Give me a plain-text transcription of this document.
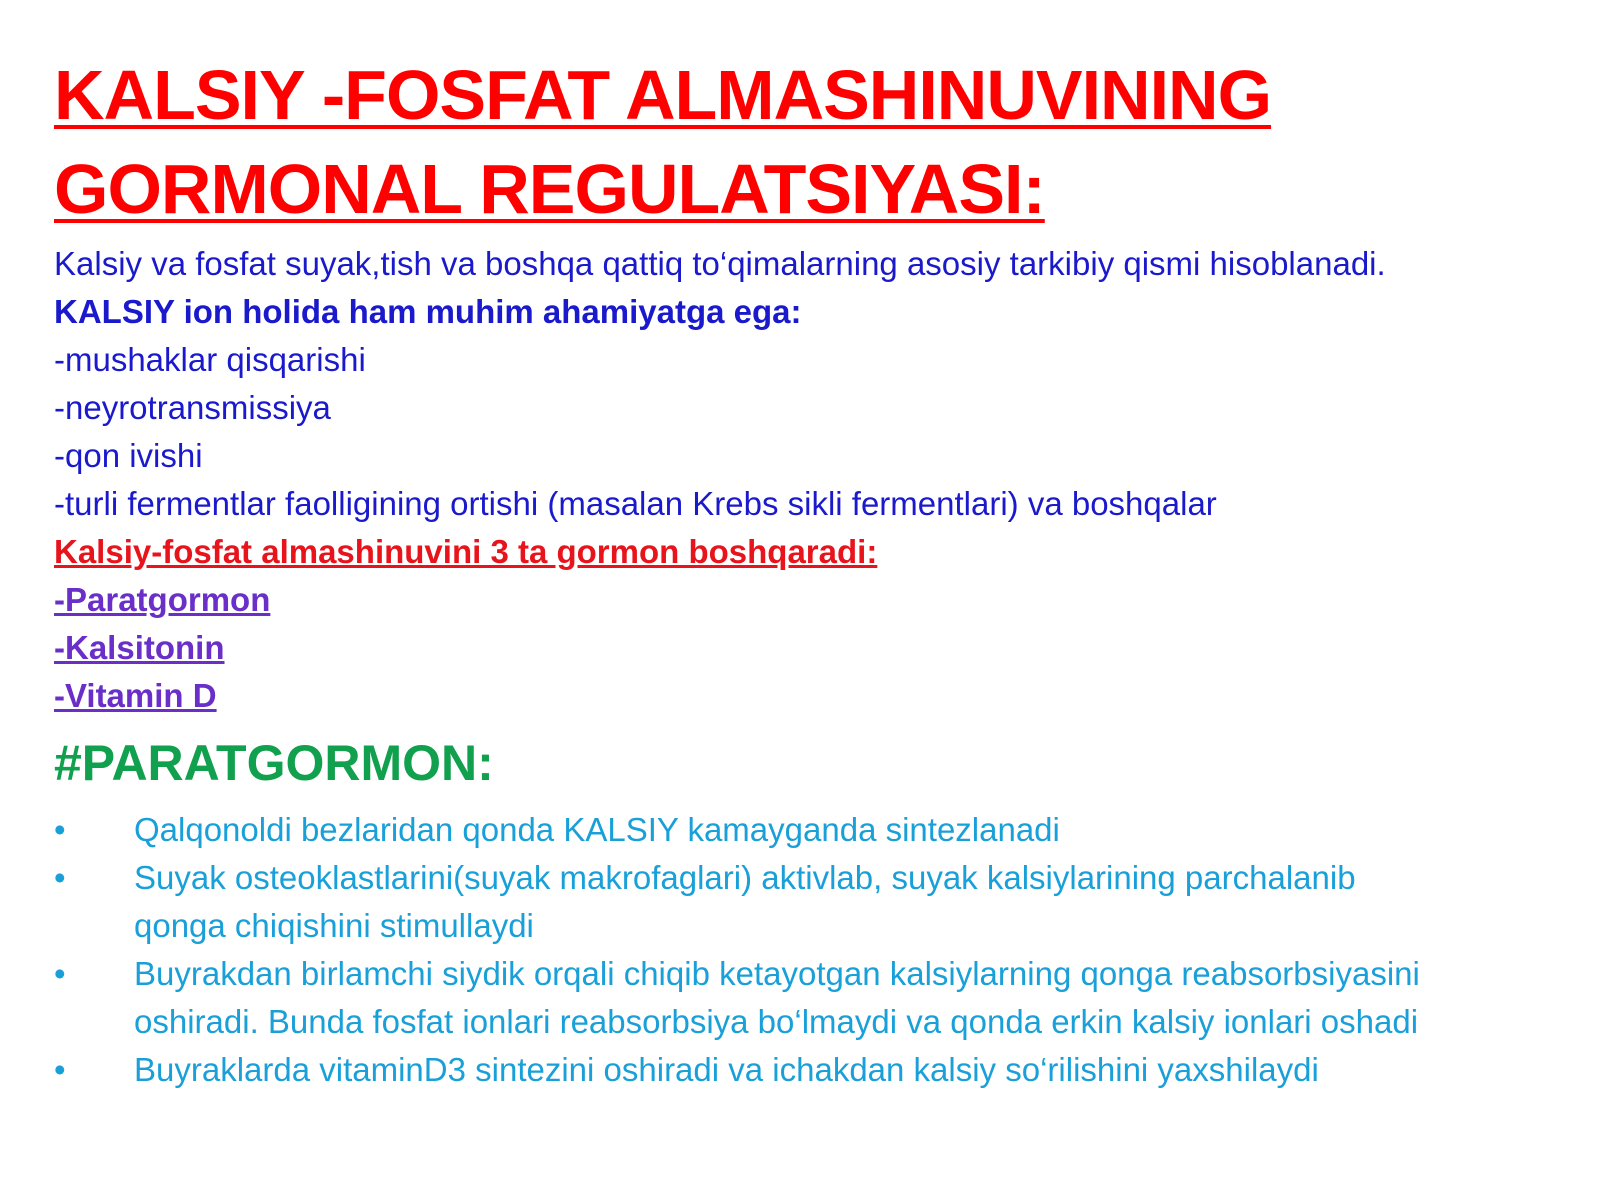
KALSIY -FOSFAT ALMASHINUVINING
GORMONAL REGULATSIYASI:
Kalsiy va fosfat suyak,tish va boshqa qattiq to‘qimalarning asosiy tarkibiy qismi hisoblanadi.
KALSIY ion holida ham muhim ahamiyatga ega:
-mushaklar qisqarishi
-neyrotransmissiya
-qon ivishi
-turli fermentlar faolligining ortishi (masalan Krebs sikli fermentlari) va boshqalar
Kalsiy-fosfat almashinuvini 3 ta gormon boshqaradi:
-Paratgormon
-Kalsitonin
-Vitamin D
#PARATGORMON:
• Qalqonoldi bezlaridan qonda KALSIY kamayganda sintezlanadi
• Suyak osteoklastlarini(suyak makrofaglari) aktivlab, suyak kalsiylarining parchalanib
qonga chiqishini stimullaydi
• Buyrakdan birlamchi siydik orqali chiqib ketayotgan kalsiylarning qonga reabsorbsiyasini
oshiradi. Bunda fosfat ionlari reabsorbsiya bo‘lmaydi va qonda erkin kalsiy ionlari oshadi
• Buyraklarda vitaminD3 sintezini oshiradi va ichakdan kalsiy so‘rilishini yaxshilaydi
